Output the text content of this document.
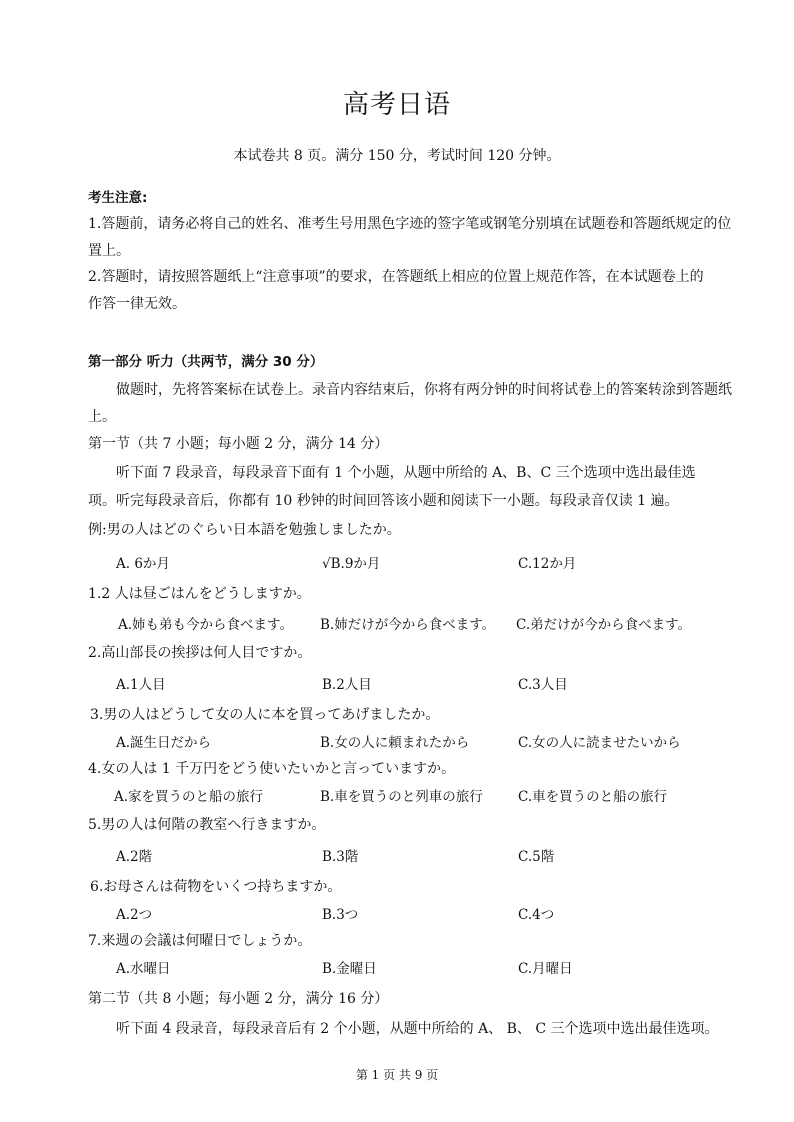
高考日语
本试卷共 8 页。满分 150 分，考试时间 120 分钟。
考生注意:
1.答题前，请务必将自己的姓名、准考生号用黑色字迹的签字笔或钢笔分别填在试题卷和答题纸规定的位
置上。
2.答题时，请按照答题纸上“注意事项”的要求，在答题纸上相应的位置上规范作答，在本试题卷上的
作答一律无效。
第一部分 听力（共两节，满分 30 分）
做题时，先将答案标在试卷上。录音内容结束后，你将有两分钟的时间将试卷上的答案转涂到答题纸
上。
第一节（共 7 小题；每小题 2 分，满分 14 分）
听下面 7 段录音，每段录音下面有 1 个小题，从题中所给的 A、B、C 三个选项中选出最佳选
项。听完每段录音后，你都有 10 秒钟的时间回答该小题和阅读下一小题。每段录音仅读 1 遍。
例:男の人はどのぐらい日本語を勉強しましたか。
A. 6か月	√B.9か月	C.12か月
1.2 人は昼ごはんをどうしますか。
A.姉も弟も今から食べます。 B.姉だけが今から食べます。 C.弟だけが今から食べます。
2.高山部長の挨拶は何人目ですか。
A.1人目	B.2人目	C.3人目
3.男の人はどうして女の人に本を買ってあげましたか。
A.誕生日だから	B.女の人に頼まれたから	C.女の人に読ませたいから
4.女の人は 1 千万円をどう使いたいかと言っていますか。
A.家を買うのと船の旅行	B.車を買うのと列車の旅行	C.車を買うのと船の旅行
5.男の人は何階の教室へ行きますか。
A.2階	B.3階	C.5階
6.お母さんは荷物をいくつ持ちますか。
A.2つ	B.3つ	C.4つ
7.来週の会議は何曜日でしょうか。
A.水曜日	B.金曜日	C.月曜日
第二节（共 8 小题；每小题 2 分，满分 16 分）
听下面 4 段录音，每段录音后有 2 个小题，从题中所给的 A、 B、 C 三个选项中选出最佳选项。
第 1 页 共 9 页
